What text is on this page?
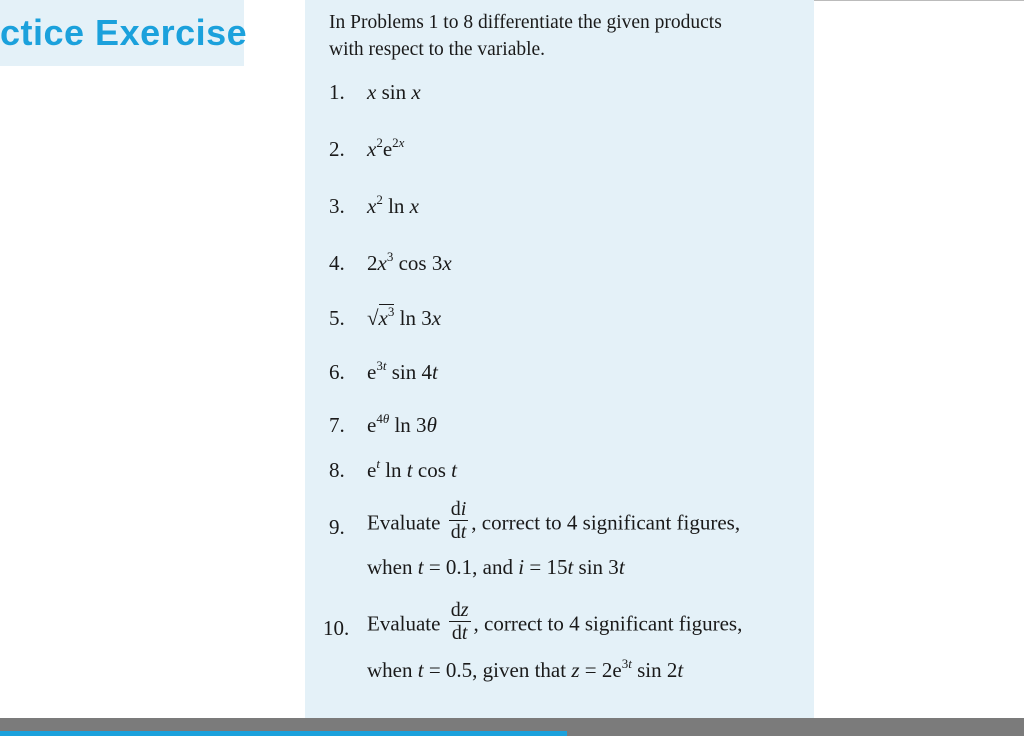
ctice Exercise	In Problems 1 to 8 differentiate the given products
with respect to the variable.
1.	x sin x
2.	$x^2e^{2x}$
3.	$x^2$ ln x
4.	$2x^3$ cos 3x
5.	$√x^3$ ln 3x
6.	$e^{3t}$ sin 4t
7.	$e^{4\theta}$ ln 3θ
8.	$e^t$ ln t cos t
9.	Evaluate $\frac{di}{dt}$ , correct to 4 significant figures,
when t = 0.1, and i = 15t sin 3t
10. Evaluate $\frac{dz}{dt}$ , correct to 4 significant figures,
when t = 0.5, given that $z = 2e^{3t}$ sin 2t
